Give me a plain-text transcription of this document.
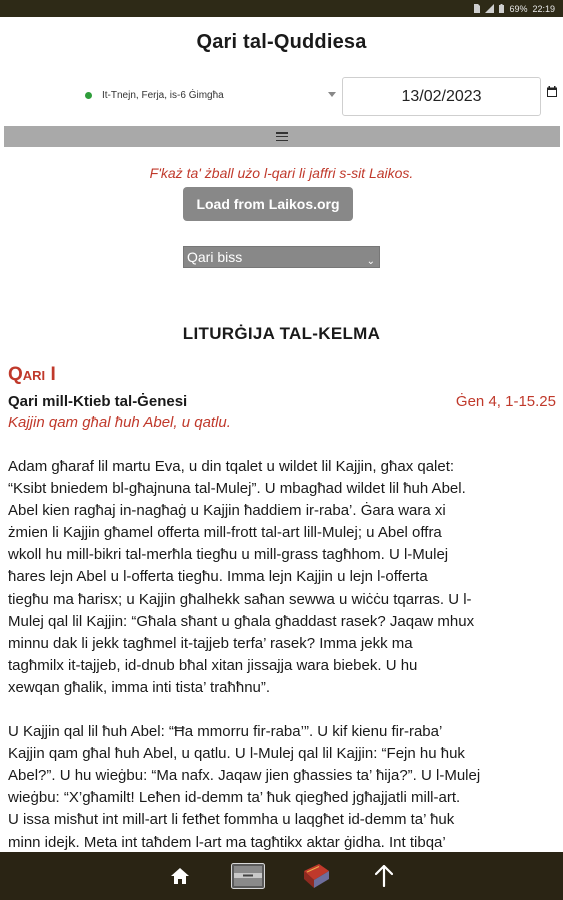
69% 22:19
Qari tal-Quddiesa
It-Tnejn, Ferja, is-6 Ġimgħa	13/02/2023
F'każ ta' żball użo l-qari li jaffri s-sit Laikos.
Load from Laikos.org
Qari biss	⌄
LITURĠIJA TAL-KELMA
Qari I
Qari mill-Ktieb tal-Ġenesi	Ġen 4, 1-15.25
Kajjin qam għal ħuh Abel, u qatlu.

Adam għaraf lil martu Eva, u din tqalet u wildet lil Kajjin, għax qalet:
“Ksibt bniedem bl-għajnuna tal-Mulej”. U mbagħad wildet lil ħuh Abel.
Abel kien ragħaj in-nagħaġ u Kajjin ħaddiem ir-raba’. Ġara wara xi
żmien li Kajjin għamel offerta mill-frott tal-art lill-Mulej; u Abel offra
wkoll hu mill-bikri tal-merħla tiegħu u mill-grass tagħhom. U l-Mulej
ħares lejn Abel u l-offerta tiegħu. Imma lejn Kajjin u lejn l-offerta
tiegħu ma ħarisx; u Kajjin għalhekk saħan sewwa u wiċċu tqarras. U l-
Mulej qal lil Kajjin: “Għala sħant u għala għaddast rasek? Jaqaw mhux
minnu dak li jekk tagħmel it-tajjeb terfa’ rasek? Imma jekk ma
tagħmilx it-tajjeb, id-dnub bħal xitan jissajja wara biebek. U hu
xewqan għalik, imma inti tista’ traħħnu”.

U Kajjin qal lil ħuh Abel: “Ħa mmorru fir-raba’”. U kif kienu fir-raba’
Kajjin qam għal ħuh Abel, u qatlu. U l-Mulej qal lil Kajjin: “Fejn hu ħuk
Abel?”. U hu wieġbu: “Ma nafx. Jaqaw jien għassies ta’ ħija?”. U l-Mulej
wieġbu: “X’għamilt! Leħen id-demm ta’ ħuk qiegħed jgħajjatli mill-art.
U issa misħut int mill-art li fetħet fommha u laqgħet id-demm ta’ ħuk
minn idejk. Meta int taħdem l-art ma tagħtikx aktar ġidha. Int tibqa’
